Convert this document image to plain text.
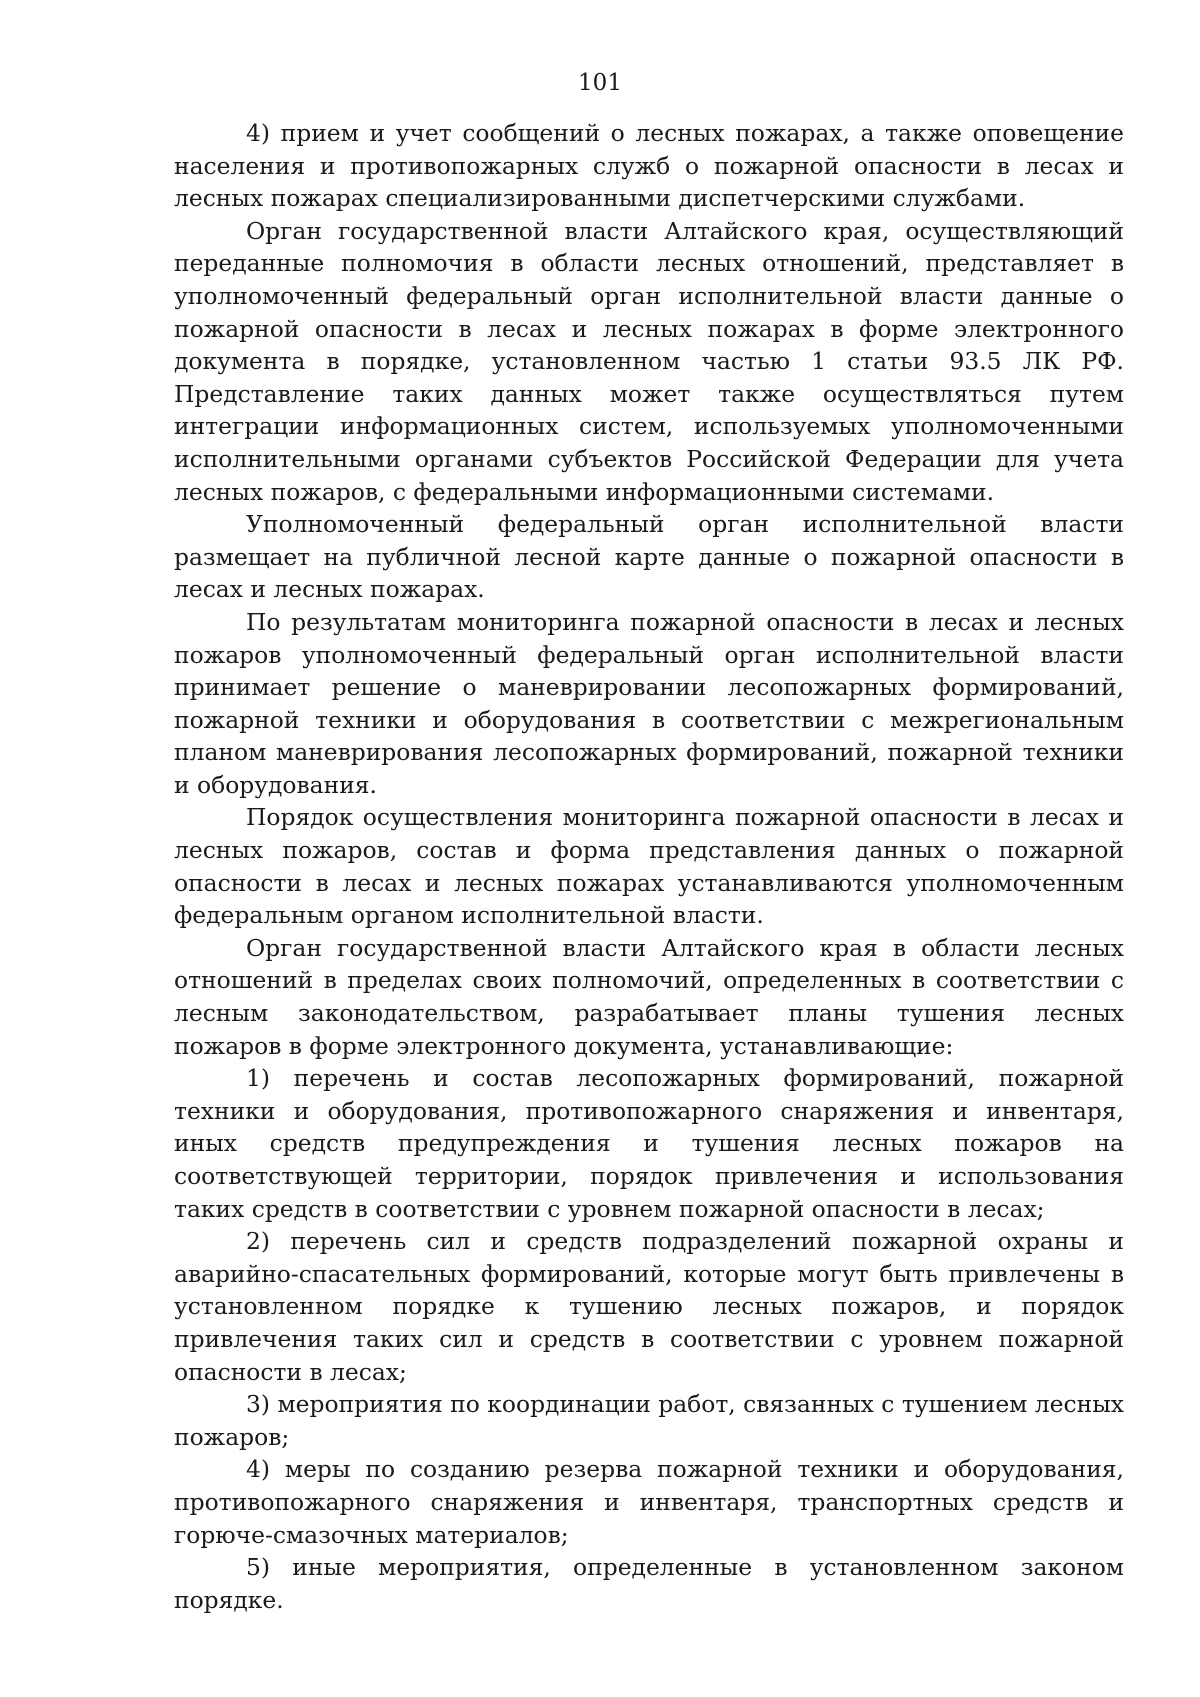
101

4) прием и учет сообщений о лесных пожарах, а также оповещение населения и противопожарных служб о пожарной опасности в лесах и лесных пожарах специализированными диспетчерскими службами.

Орган государственной власти Алтайского края, осуществляющий переданные полномочия в области лесных отношений, представляет в уполномоченный федеральный орган исполнительной власти данные о пожарной опасности в лесах и лесных пожарах в форме электронного документа в порядке, установленном частью 1 статьи 93.5 ЛК РФ. Представление таких данных может также осуществляться путем интеграции информационных систем, используемых уполномоченными исполнительными органами субъектов Российской Федерации для учета лесных пожаров, с федеральными информационными системами.

Уполномоченный федеральный орган исполнительной власти размещает на публичной лесной карте данные о пожарной опасности в лесах и лесных пожарах.

По результатам мониторинга пожарной опасности в лесах и лесных пожаров уполномоченный федеральный орган исполнительной власти принимает решение о маневрировании лесопожарных формирований, пожарной техники и оборудования в соответствии с межрегиональным планом маневрирования лесопожарных формирований, пожарной техники и оборудования.

Порядок осуществления мониторинга пожарной опасности в лесах и лесных пожаров, состав и форма представления данных о пожарной опасности в лесах и лесных пожарах устанавливаются уполномоченным федеральным органом исполнительной власти.

Орган государственной власти Алтайского края в области лесных отношений в пределах своих полномочий, определенных в соответствии с лесным законодательством, разрабатывает планы тушения лесных пожаров в форме электронного документа, устанавливающие:

1) перечень и состав лесопожарных формирований, пожарной техники и оборудования, противопожарного снаряжения и инвентаря, иных средств предупреждения и тушения лесных пожаров на соответствующей территории, порядок привлечения и использования таких средств в соответствии с уровнем пожарной опасности в лесах;

2) перечень сил и средств подразделений пожарной охраны и аварийно-спасательных формирований, которые могут быть привлечены в установленном порядке к тушению лесных пожаров, и порядок привлечения таких сил и средств в соответствии с уровнем пожарной опасности в лесах;

3) мероприятия по координации работ, связанных с тушением лесных пожаров;

4) меры по созданию резерва пожарной техники и оборудования, противопожарного снаряжения и инвентаря, транспортных средств и горюче-смазочных материалов;

5) иные мероприятия, определенные в установленном законом порядке.
